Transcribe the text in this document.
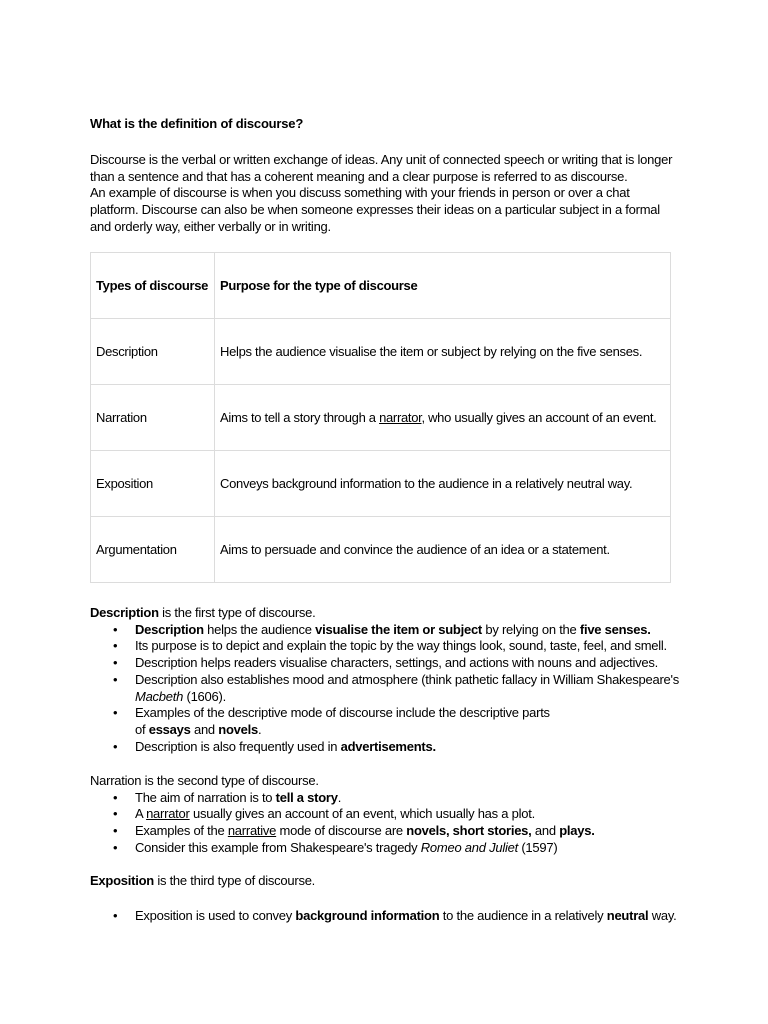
What is the definition of discourse?

Discourse is the verbal or written exchange of ideas. Any unit of connected speech or writing that is longer than a sentence and that has a coherent meaning and a clear purpose is referred to as discourse.

An example of discourse is when you discuss something with your friends in person or over a chat platform. Discourse can also be when someone expresses their ideas on a particular subject in a formal and orderly way, either verbally or in writing.

Types of discourse	Purpose for the type of discourse
Description	Helps the audience visualise the item or subject by relying on the five senses.
Narration	Aims to tell a story through a narrator, who usually gives an account of an event.
Exposition	Conveys background information to the audience in a relatively neutral way.
Argumentation	Aims to persuade and convince the audience of an idea or a statement.

Description is the first type of discourse.

• Description helps the audience visualise the item or subject by relying on the five senses.
• Its purpose is to depict and explain the topic by the way things look, sound, taste, feel, and smell.
• Description helps readers visualise characters, settings, and actions with nouns and adjectives.
• Description also establishes mood and atmosphere (think pathetic fallacy in William Shakespeare's Macbeth (1606).
• Examples of the descriptive mode of discourse include the descriptive parts of essays and novels.
• Description is also frequently used in advertisements.

Narration is the second type of discourse.

• The aim of narration is to tell a story.
• A narrator usually gives an account of an event, which usually has a plot.
• Examples of the narrative mode of discourse are novels, short stories, and plays.
• Consider this example from Shakespeare's tragedy Romeo and Juliet (1597)

Exposition is the third type of discourse.

• Exposition is used to convey background information to the audience in a relatively neutral way.
